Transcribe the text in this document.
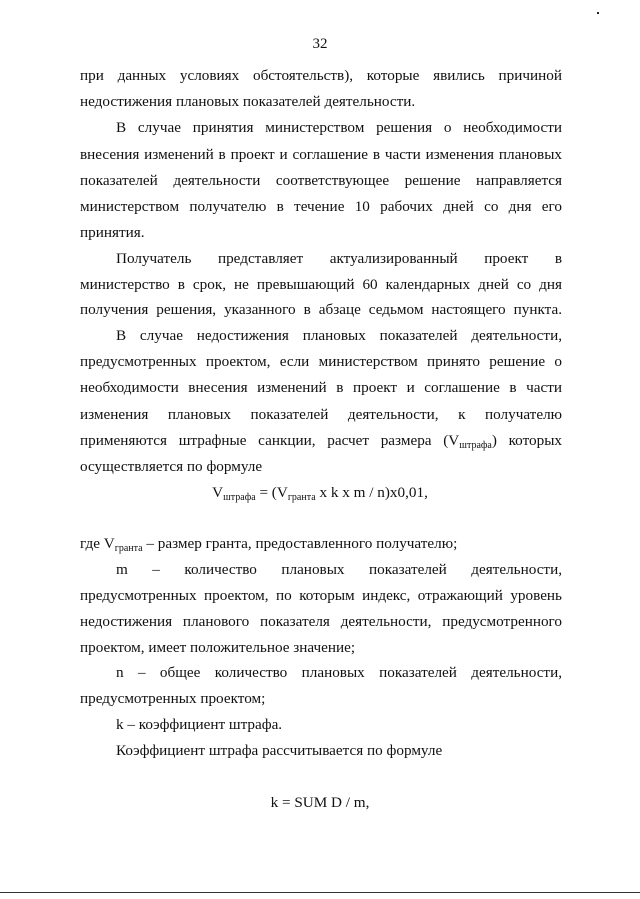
32
при данных условиях обстоятельств), которые явились причиной
недостижения плановых показателей деятельности.
В случае принятия министерством решения о необходимости
внесения изменений в проект и соглашение в части изменения плановых
показателей деятельности соответствующее решение направляется
министерством получателю в течение 10 рабочих дней со дня его
принятия.
Получатель представляет актуализированный проект в
министерство в срок, не превышающий 60 календарных дней со дня
получения решения, указанного в абзаце седьмом настоящего пункта.
В случае недостижения плановых показателей деятельности,
предусмотренных проектом, если министерством принято решение о
необходимости внесения изменений в проект и соглашение в части
изменения плановых показателей деятельности, к получателю
применяются штрафные санкции, расчет размера $(V_{штрафа})$ которых
осуществляется по формуле
$V_{штрафа} = (V_{гранта}$ x k x m / n)x0,01,
где $V_{гранта}$ – размер гранта, предоставленного получателю;
m – количество плановых показателей деятельности,
предусмотренных проектом, по которым индекс, отражающий уровень
недостижения планового показателя деятельности, предусмотренного
проектом, имеет положительное значение;
n – общее количество плановых показателей деятельности,
предусмотренных проектом;
k – коэффициент штрафа.
Коэффициент штрафа рассчитывается по формуле
k = SUM D / m,
